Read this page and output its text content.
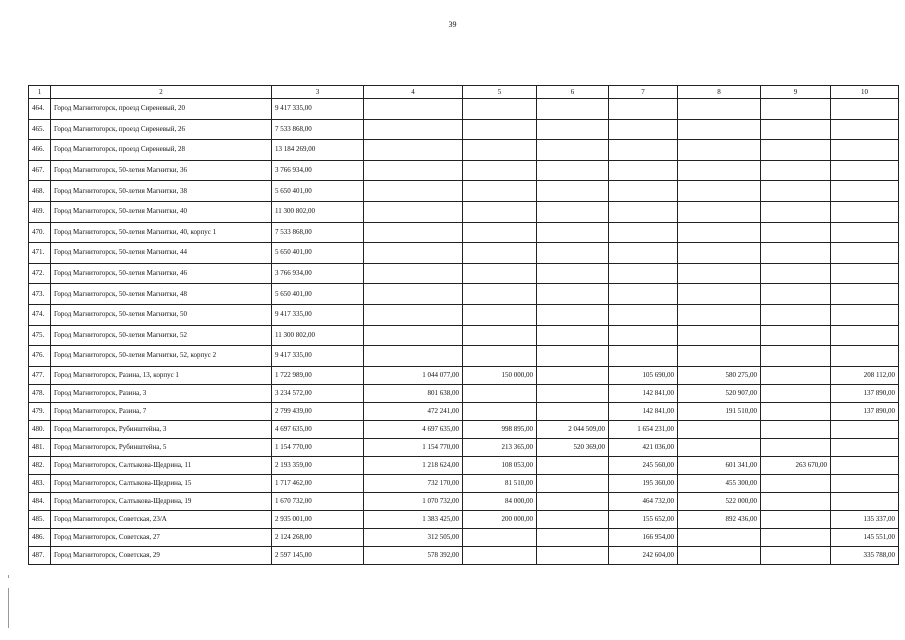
39
1	2	3	4	5	6	7	8	9	10
464.	Город Магнитогорск, проезд Сиреневый, 20	9 417 335,00							
465.	Город Магнитогорск, проезд Сиреневый, 26	7 533 868,00							
466.	Город Магнитогорск, проезд Сиреневый, 28	13 184 269,00							
467.	Город Магнитогорск, 50-летия Магнитки, 36	3 766 934,00							
468.	Город Магнитогорск, 50-летия Магнитки, 38	5 650 401,00							
469.	Город Магнитогорск, 50-летия Магнитки, 40	11 300 802,00							
470.	Город Магнитогорск, 50-летия Магнитки, 40, корпус 1	7 533 868,00							
471.	Город Магнитогорск, 50-летия Магнитки, 44	5 650 401,00							
472.	Город Магнитогорск, 50-летия Магнитки, 46	3 766 934,00							
473.	Город Магнитогорск, 50-летия Магнитки, 48	5 650 401,00							
474.	Город Магнитогорск, 50-летия Магнитки, 50	9 417 335,00							
475.	Город Магнитогорск, 50-летия Магнитки, 52	11 300 802,00							
476.	Город Магнитогорск, 50-летия Магнитки, 52, корпус 2	9 417 335,00							
477.	Город Магнитогорск, Разина, 13, корпус 1	1 722 989,00	1 044 077,00	150 000,00		105 690,00	580 275,00		208 112,00
478.	Город Магнитогорск, Разина, 3	3 234 572,00	801 638,00			142 841,00	520 907,00		137 890,00
479.	Город Магнитогорск, Разина, 7	2 799 439,00	472 241,00			142 841,00	191 510,00		137 890,00
480.	Город Магнитогорск, Рубинштейна, 3	4 697 635,00	4 697 635,00	998 895,00	2 044 509,00	1 654 231,00			
481.	Город Магнитогорск, Рубинштейна, 5	1 154 770,00	1 154 770,00	213 365,00	520 369,00	421 036,00			
482.	Город Магнитогорск, Салтыкова-Щедрина, 11	2 193 359,00	1 218 624,00	108 053,00		245 560,00	601 341,00	263 670,00	
483.	Город Магнитогорск, Салтыкова-Щедрина, 15	1 717 462,00	732 170,00	81 510,00		195 360,00	455 300,00		
484.	Город Магнитогорск, Салтыкова-Щедрина, 19	1 670 732,00	1 070 732,00	84 000,00		464 732,00	522 000,00		
485.	Город Магнитогорск, Советская, 23/А	2 935 001,00	1 383 425,00	200 000,00		155 652,00	892 436,00		135 337,00
486.	Город Магнитогорск, Советская, 27	2 124 268,00	312 505,00			166 954,00			145 551,00
487.	Город Магнитогорск, Советская, 29	2 597 145,00	578 392,00			242 604,00			335 788,00
